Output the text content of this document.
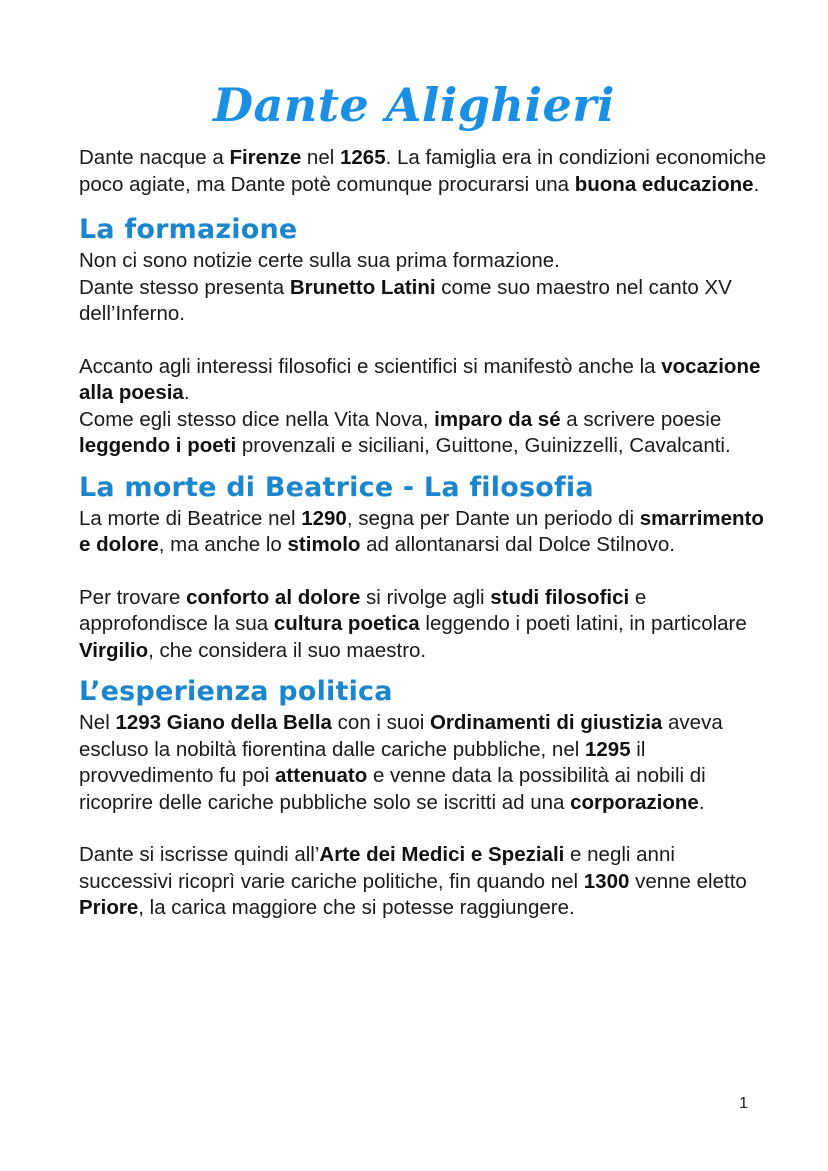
Dante Alighieri

Dante nacque a Firenze nel 1265. La famiglia era in condizioni economiche poco agiate, ma Dante potè comunque procurarsi una buona educazione.

La formazione

Non ci sono notizie certe sulla sua prima formazione.
Dante stesso presenta Brunetto Latini come suo maestro nel canto XV dell’Inferno.

Accanto agli interessi filosofici e scientifici si manifestò anche la vocazione alla poesia.
Come egli stesso dice nella Vita Nova, imparo da sé a scrivere poesie leggendo i poeti provenzali e siciliani, Guittone, Guinizzelli, Cavalcanti.

La morte di Beatrice - La filosofia

La morte di Beatrice nel 1290, segna per Dante un periodo di smarrimento e dolore, ma anche lo stimolo ad allontanarsi dal Dolce Stilnovo.

Per trovare conforto al dolore si rivolge agli studi filosofici e approfondisce la sua cultura poetica leggendo i poeti latini, in particolare Virgilio, che considera il suo maestro.

L’esperienza politica

Nel 1293 Giano della Bella con i suoi Ordinamenti di giustizia aveva escluso la nobiltà fiorentina dalle cariche pubbliche, nel 1295 il provvedimento fu poi attenuato e venne data la possibilità ai nobili di ricoprire delle cariche pubbliche solo se iscritti ad una corporazione.

Dante si iscrisse quindi all’Arte dei Medici e Speziali e negli anni successivi ricoprì varie cariche politiche, fin quando nel 1300 venne eletto Priore, la carica maggiore che si potesse raggiungere.

1
